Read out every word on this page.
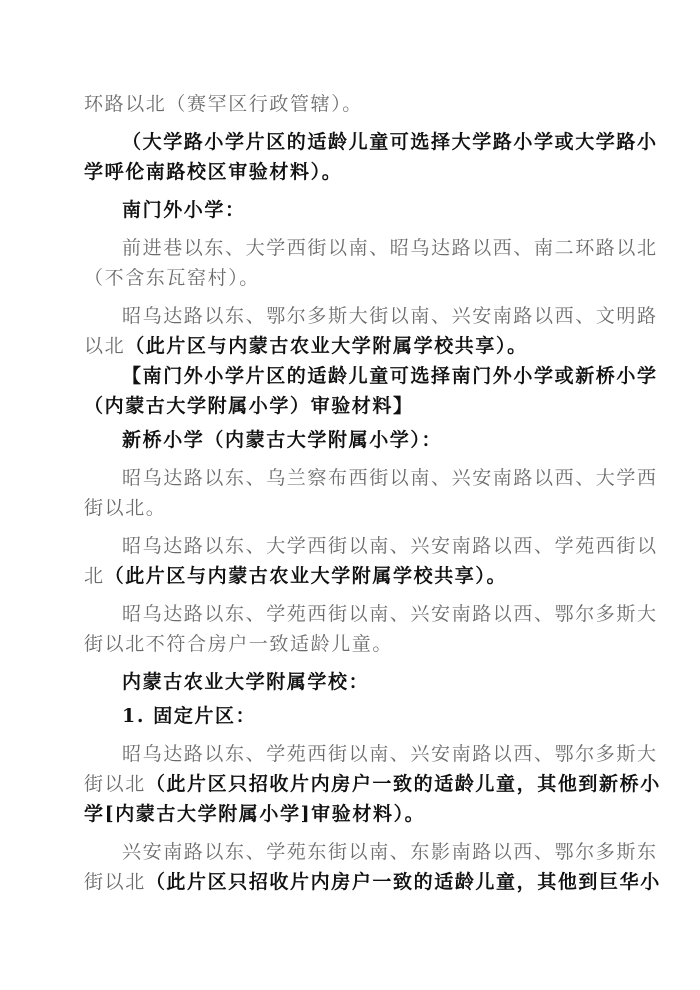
环路以北（赛罕区行政管辖）。
（大学路小学片区的适龄儿童可选择大学路小学或大学路小
学呼伦南路校区审验材料）。
南门外小学：
前进巷以东、大学西街以南、昭乌达路以西、南二环路以北
（不含东瓦窑村）。
昭乌达路以东、鄂尔多斯大街以南、兴安南路以西、文明路
以北（此片区与内蒙古农业大学附属学校共享）。
【南门外小学片区的适龄儿童可选择南门外小学或新桥小学
（内蒙古大学附属小学）审验材料】
新桥小学（内蒙古大学附属小学）：
昭乌达路以东、乌兰察布西街以南、兴安南路以西、大学西
街以北。
昭乌达路以东、大学西街以南、兴安南路以西、学苑西街以
北（此片区与内蒙古农业大学附属学校共享）。
昭乌达路以东、学苑西街以南、兴安南路以西、鄂尔多斯大
街以北不符合房户一致适龄儿童。
内蒙古农业大学附属学校：
1. 固定片区：
昭乌达路以东、学苑西街以南、兴安南路以西、鄂尔多斯大
街以北（此片区只招收片内房户一致的适龄儿童，其他到新桥小
学[内蒙古大学附属小学]审验材料）。
兴安南路以东、学苑东街以南、东影南路以西、鄂尔多斯东
街以北（此片区只招收片内房户一致的适龄儿童，其他到巨华小
